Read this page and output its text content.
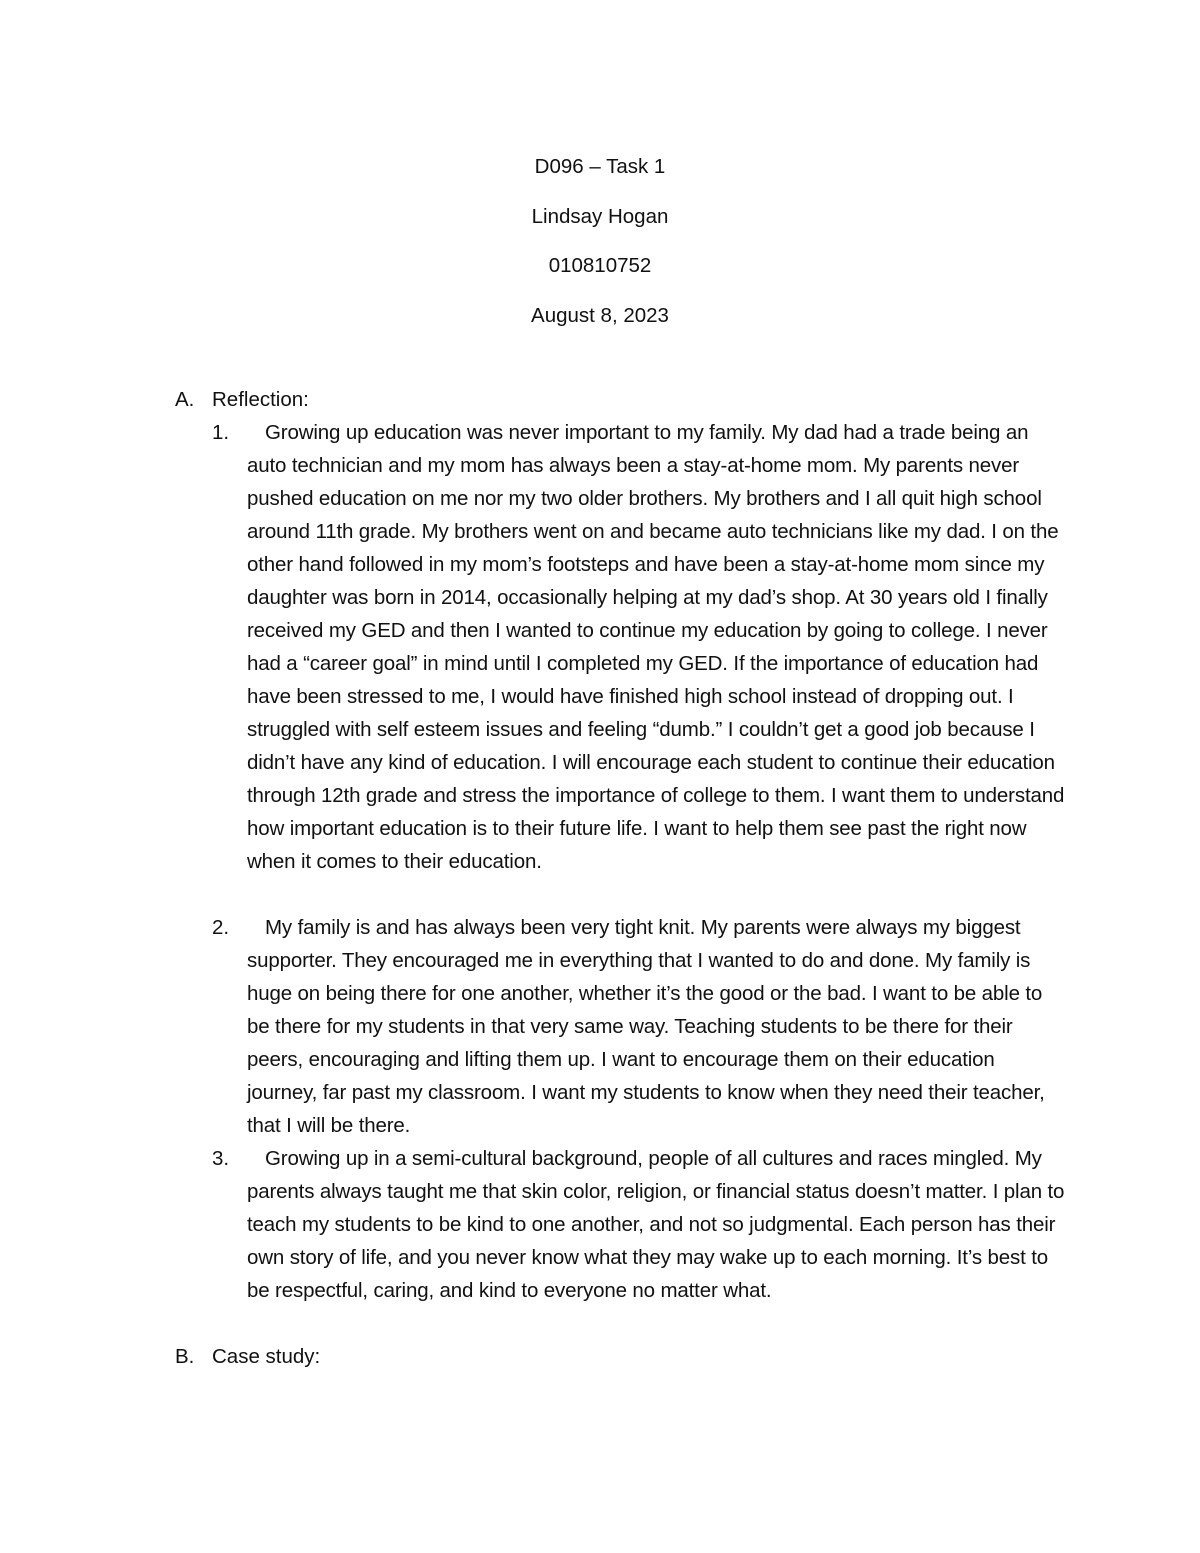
D096 – Task 1
Lindsay Hogan
010810752
August 8, 2023
A. Reflection:
1.	Growing up education was never important to my family. My dad had a trade being an auto technician and my mom has always been a stay-at-home mom. My parents never pushed education on me nor my two older brothers. My brothers and I all quit high school around 11th grade. My brothers went on and became auto technicians like my dad. I on the other hand followed in my mom’s footsteps and have been a stay-at-home mom since my daughter was born in 2014, occasionally helping at my dad’s shop. At 30 years old I finally received my GED and then I wanted to continue my education by going to college. I never had a “career goal” in mind until I completed my GED. If the importance of education had have been stressed to me, I would have finished high school instead of dropping out. I struggled with self esteem issues and feeling “dumb.” I couldn’t get a good job because I didn’t have any kind of education. I will encourage each student to continue their education through 12th grade and stress the importance of college to them. I want them to understand how important education is to their future life. I want to help them see past the right now when it comes to their education.
2.	My family is and has always been very tight knit. My parents were always my biggest supporter. They encouraged me in everything that I wanted to do and done. My family is huge on being there for one another, whether it’s the good or the bad. I want to be able to be there for my students in that very same way. Teaching students to be there for their peers, encouraging and lifting them up. I want to encourage them on their education journey, far past my classroom. I want my students to know when they need their teacher, that I will be there.
3.	Growing up in a semi-cultural background, people of all cultures and races mingled. My parents always taught me that skin color, religion, or financial status doesn’t matter. I plan to teach my students to be kind to one another, and not so judgmental. Each person has their own story of life, and you never know what they may wake up to each morning. It’s best to be respectful, caring, and kind to everyone no matter what.
B. Case study:
